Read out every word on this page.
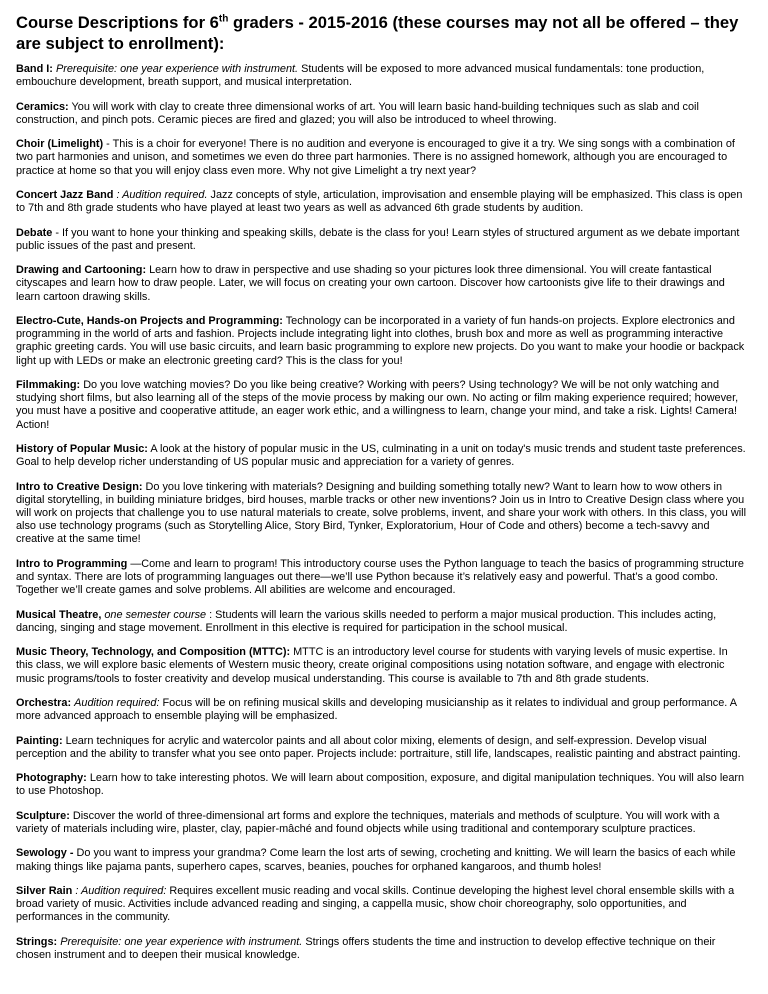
Course Descriptions for 6th graders - 2015-2016 (these courses may not all be offered – they are subject to enrollment):

Band I: Prerequisite: one year experience with instrument. Students will be exposed to more advanced musical fundamentals: tone production, embouchure development, breath support, and musical interpretation.

Ceramics: You will work with clay to create three dimensional works of art. You will learn basic hand-building techniques such as slab and coil construction, and pinch pots. Ceramic pieces are fired and glazed; you will also be introduced to wheel throwing.

Choir (Limelight) - This is a choir for everyone! There is no audition and everyone is encouraged to give it a try. We sing songs with a combination of two part harmonies and unison, and sometimes we even do three part harmonies. There is no assigned homework, although you are encouraged to practice at home so that you will enjoy class even more. Why not give Limelight a try next year?

Concert Jazz Band : Audition required. Jazz concepts of style, articulation, improvisation and ensemble playing will be emphasized. This class is open to 7th and 8th grade students who have played at least two years as well as advanced 6th grade students by audition.

Debate - If you want to hone your thinking and speaking skills, debate is the class for you! Learn styles of structured argument as we debate important public issues of the past and present.

Drawing and Cartooning: Learn how to draw in perspective and use shading so your pictures look three dimensional. You will create fantastical cityscapes and learn how to draw people. Later, we will focus on creating your own cartoon. Discover how cartoonists give life to their drawings and learn cartoon drawing skills.

Electro-Cute, Hands-on Projects and Programming: Technology can be incorporated in a variety of fun hands-on projects. Explore electronics and programming in the world of arts and fashion. Projects include integrating light into clothes, brush box and more as well as programming interactive graphic greeting cards. You will use basic circuits, and learn basic programming to explore new projects. Do you want to make your hoodie or backpack light up with LEDs or make an electronic greeting card? This is the class for you!

Filmmaking: Do you love watching movies? Do you like being creative? Working with peers? Using technology? We will be not only watching and studying short films, but also learning all of the steps of the movie process by making our own. No acting or film making experience required; however, you must have a positive and cooperative attitude, an eager work ethic, and a willingness to learn, change your mind, and take a risk. Lights! Camera! Action!

History of Popular Music: A look at the history of popular music in the US, culminating in a unit on today's music trends and student taste preferences. Goal to help develop richer understanding of US popular music and appreciation for a variety of genres.

Intro to Creative Design: Do you love tinkering with materials? Designing and building something totally new? Want to learn how to wow others in digital storytelling, in building miniature bridges, bird houses, marble tracks or other new inventions? Join us in Intro to Creative Design class where you will work on projects that challenge you to use natural materials to create, solve problems, invent, and share your work with others. In this class, you will also use technology programs (such as Storytelling Alice, Story Bird, Tynker, Exploratorium, Hour of Code and others) become a tech-savvy and creative at the same time!

Intro to Programming —Come and learn to program! This introductory course uses the Python language to teach the basics of programming structure and syntax. There are lots of programming languages out there—we’ll use Python because it’s relatively easy and powerful. That’s a good combo. Together we’ll create games and solve problems. All abilities are welcome and encouraged.

Musical Theatre, one semester course : Students will learn the various skills needed to perform a major musical production. This includes acting, dancing, singing and stage movement. Enrollment in this elective is required for participation in the school musical.

Music Theory, Technology, and Composition (MTTC): MTTC is an introductory level course for students with varying levels of music expertise. In this class, we will explore basic elements of Western music theory, create original compositions using notation software, and engage with electronic music programs/tools to foster creativity and develop musical understanding. This course is available to 7th and 8th grade students.

Orchestra: Audition required: Focus will be on refining musical skills and developing musicianship as it relates to individual and group performance. A more advanced approach to ensemble playing will be emphasized.

Painting: Learn techniques for acrylic and watercolor paints and all about color mixing, elements of design, and self-expression. Develop visual perception and the ability to transfer what you see onto paper. Projects include: portraiture, still life, landscapes, realistic painting and abstract painting.

Photography: Learn how to take interesting photos. We will learn about composition, exposure, and digital manipulation techniques. You will also learn to use Photoshop.

Sculpture: Discover the world of three-dimensional art forms and explore the techniques, materials and methods of sculpture. You will work with a variety of materials including wire, plaster, clay, papier-mâché and found objects while using traditional and contemporary sculpture practices.

Sewology - Do you want to impress your grandma? Come learn the lost arts of sewing, crocheting and knitting. We will learn the basics of each while making things like pajama pants, superhero capes, scarves, beanies, pouches for orphaned kangaroos, and thumb holes!

Silver Rain : Audition required: Requires excellent music reading and vocal skills. Continue developing the highest level choral ensemble skills with a broad variety of music. Activities include advanced reading and singing, a cappella music, show choir choreography, solo opportunities, and performances in the community.

Strings: Prerequisite: one year experience with instrument. Strings offers students the time and instruction to develop effective technique on their chosen instrument and to deepen their musical knowledge.
